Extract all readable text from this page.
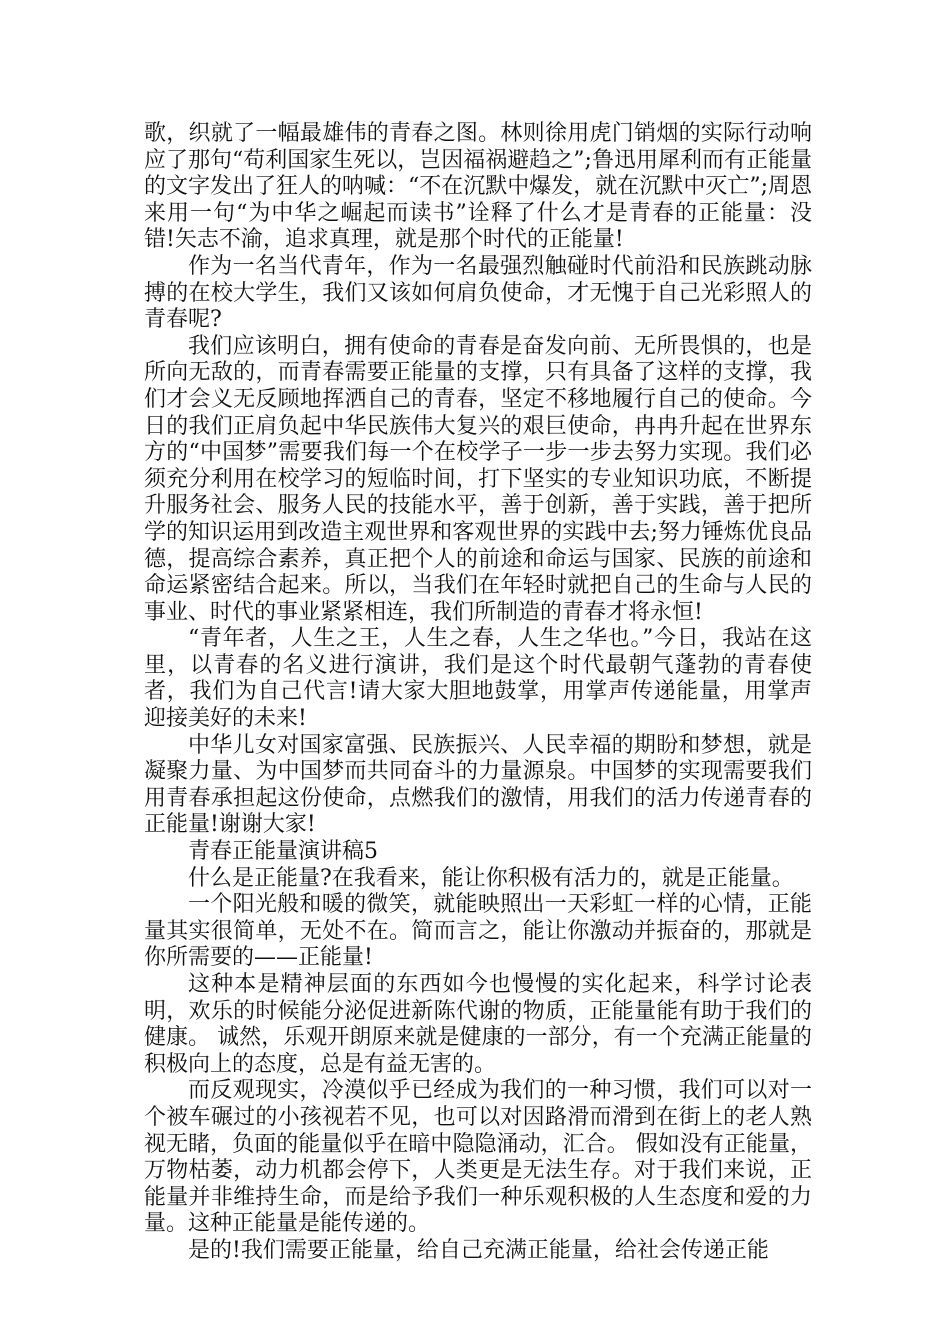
歌，织就了一幅最雄伟的青春之图。林则徐用虎门销烟的实际行动响应了那句“苟利国家生死以，岂因福祸避趋之”;鲁迅用犀利而有正能量的文字发出了狂人的呐喊：“不在沉默中爆发，就在沉默中灭亡”;周恩来用一句“为中华之崛起而读书”诠释了什么才是青春的正能量：没错!矢志不渝，追求真理，就是那个时代的正能量!

作为一名当代青年，作为一名最强烈触碰时代前沿和民族跳动脉搏的在校大学生，我们又该如何肩负使命，才无愧于自己光彩照人的青春呢?

我们应该明白，拥有使命的青春是奋发向前、无所畏惧的，也是所向无敌的，而青春需要正能量的支撑，只有具备了这样的支撑，我们才会义无反顾地挥洒自己的青春，坚定不移地履行自己的使命。今日的我们正肩负起中华民族伟大复兴的艰巨使命，冉冉升起在世界东方的“中国梦”需要我们每一个在校学子一步一步去努力实现。我们必须充分利用在校学习的短临时间，打下坚实的专业知识功底，不断提升服务社会、服务人民的技能水平，善于创新，善于实践，善于把所学的知识运用到改造主观世界和客观世界的实践中去;努力锤炼优良品德，提高综合素养，真正把个人的前途和命运与国家、民族的前途和命运紧密结合起来。所以，当我们在年轻时就把自己的生命与人民的事业、时代的事业紧紧相连，我们所制造的青春才将永恒!

“青年者，人生之王，人生之春，人生之华也。”今日，我站在这里，以青春的名义进行演讲，我们是这个时代最朝气蓬勃的青春使者，我们为自己代言!请大家大胆地鼓掌，用掌声传递能量，用掌声迎接美好的未来!

中华儿女对国家富强、民族振兴、人民幸福的期盼和梦想，就是凝聚力量、为中国梦而共同奋斗的力量源泉。中国梦的实现需要我们用青春承担起这份使命，点燃我们的激情，用我们的活力传递青春的正能量!谢谢大家!

青春正能量演讲稿5

什么是正能量?在我看来，能让你积极有活力的，就是正能量。

一个阳光般和暖的微笑，就能映照出一天彩虹一样的心情，正能量其实很简单，无处不在。简而言之，能让你激动并振奋的，那就是你所需要的——正能量!

这种本是精神层面的东西如今也慢慢的实化起来，科学讨论表明，欢乐的时候能分泌促进新陈代谢的物质，正能量能有助于我们的健康。 诚然，乐观开朗原来就是健康的一部分，有一个充满正能量的积极向上的态度，总是有益无害的。

而反观现实，冷漠似乎已经成为我们的一种习惯，我们可以对一个被车碾过的小孩视若不见，也可以对因路滑而滑到在街上的老人熟视无睹，负面的能量似乎在暗中隐隐涌动，汇合。 假如没有正能量，万物枯萎，动力机都会停下，人类更是无法生存。对于我们来说，正能量并非维持生命，而是给予我们一种乐观积极的人生态度和爱的力量。这种正能量是能传递的。

是的!我们需要正能量，给自己充满正能量，给社会传递正能
